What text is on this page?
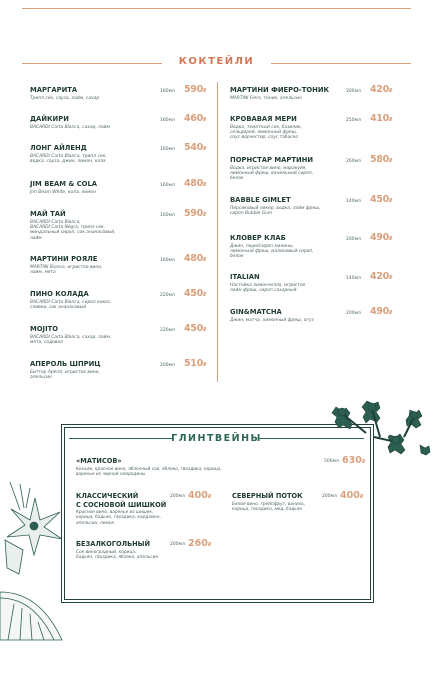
КОКТЕЙЛИ
МАРГАРИТА
Трипл сек, сауза, лайм, сахар
160мл 590₽
ДАЙКИРИ
BACARDI Carta Blanca, сахар, лайм
160мл 460₽
ЛОНГ АЙЛЕНД
BACARDI Carta Blanca, трипл сек,
водка, сауза, джин, лимон, кола
160мл 540₽
JIM BEAM & COLA
Jim Beam White, кола, лимон
160мл 480₽
МАЙ ТАЙ
BACARDI Carta Blanca,
BACARDI Carta Negra, трипл сек,
миндальный сироп, сок ананасовый,
лайм
160мл 590₽
МАРТИНИ РОЯЛЕ
MARTINI Bianco, игристое вино,
лайм, мята
160мл 480₽
ПИНО КОЛАДА
BACARDI Carta Blanca, сироп кокос,
сливки, сок ананасовый
220мл 450₽
MOJITO
BACARDI Carta Blanca, сахар, лайм,
мята, содовая
220мл 450₽
АПЕРОЛЬ ШПРИЦ
Биттер Aperol, игристое вино,
апельсин
200мл 510₽
МАРТИНИ ФИЕРО-ТОНИК
MARTINI Fiero, тоник, апельсин
200мл 420₽
КРОВАВАЯ МЕРИ
Водка, томатный сок, базилик,
сельдерей, лимонный фреш,
соус ворчестер, соус табаско
250мл 410₽
ПОРНСТАР МАРТИНИ
Водка, игристое вино, маракуйя,
лимонный фреш, ванильный сироп,
белок
260мл 580₽
BABBLE GIMLET
Персиковый ликер, водка, лайм фреш,
сироп Bubble Gum
140мл 450₽
КЛОВЕР КЛАБ
Джин, пюре/сироп малины,
лимонный фреш, малиновый сироп,
белок
200мл 490₽
ITALIAN
Настойка лимончелло, игристое
лайм фреш, сироп сахарный
140мл 420₽
GIN&MATCHA
Джин, матча, лимонный фреш, огуз
200мл 490₽
ГЛИНТВЕЙНЫ
«МАТИСОВ»
Коньяк, красное вино, яблочный сок, яблоко, гвоздика, корица,
варенье из черной смородины
500мл 630₽
КЛАССИЧЕСКИЙ
С СОСНОВОЙ ШИШКОЙ
Красное вино, варенье из шишек,
корица, бадьян, гвоздика, кардамон,
апельсин, лимон
200мл 400₽	СЕВЕРНЫЙ ПОТОК
Белое вино, грейпфрут, ваниль,
корица, гвоздика, мед, бадьян
200мл 400₽
БЕЗАЛКОГОЛЬНЫЙ
Сок виноградный, корица,
бадьян, гвоздика, яблоко, апельсин
200мл 260₽
